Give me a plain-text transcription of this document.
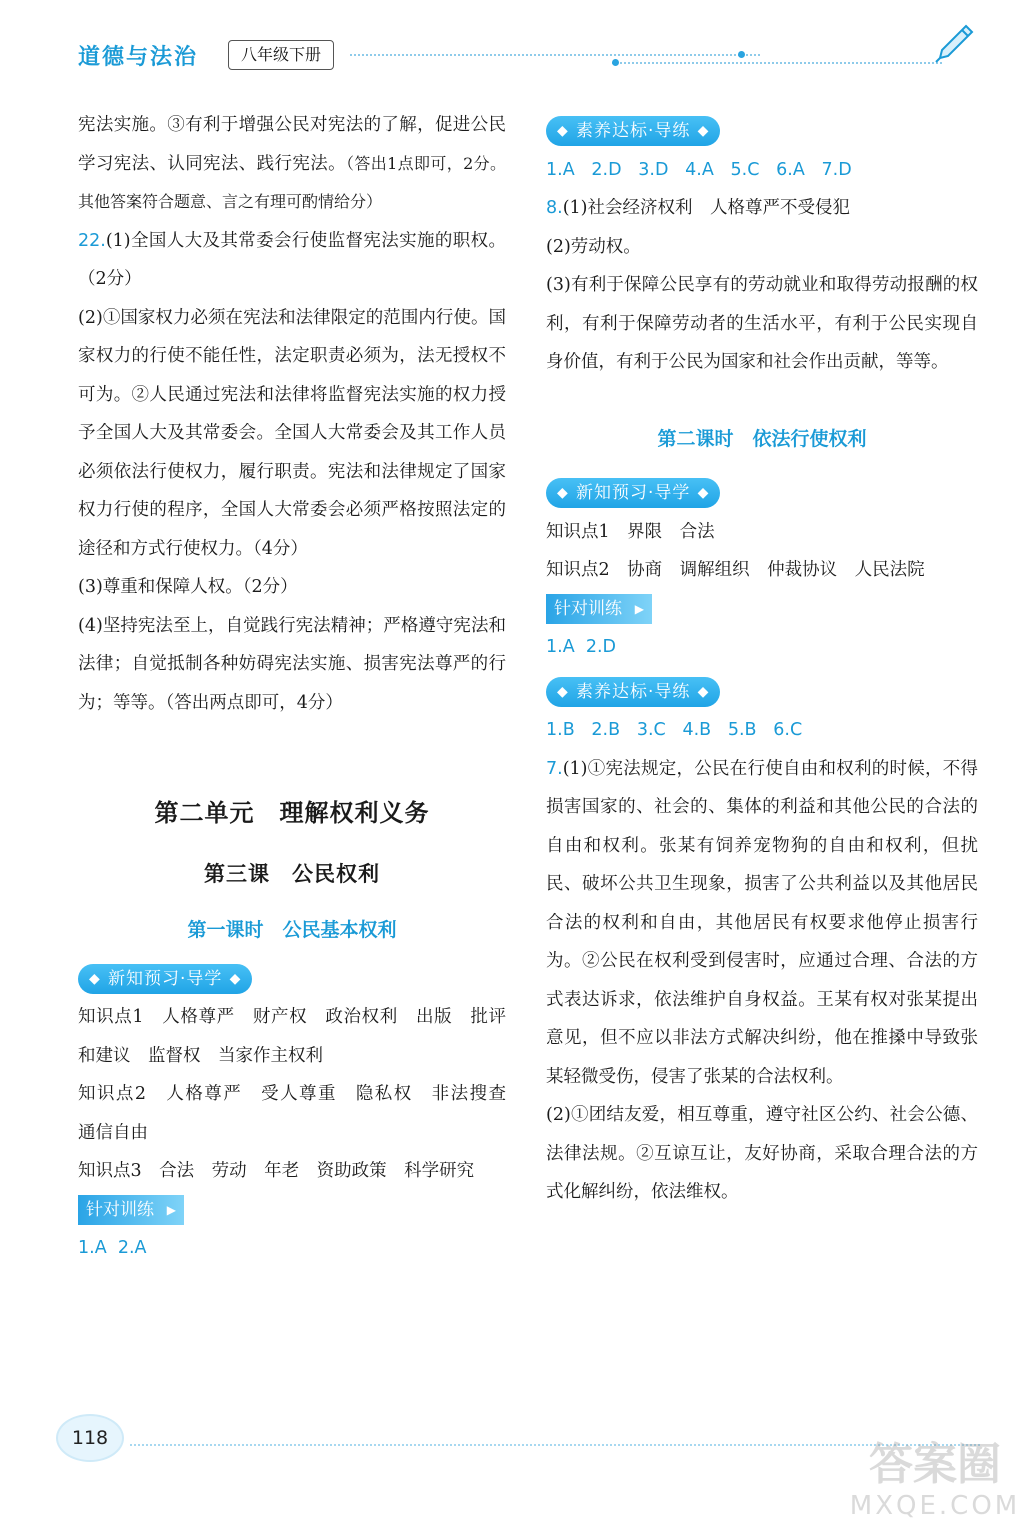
道德与法治	八年级下册

宪法实施。③有利于增强公民对宪法的了解，促进公民学习宪法、认同宪法、践行宪法。（答出1点即可，2分。其他答案符合题意、言之有理可酌情给分）

22.(1)全国人大及其常委会行使监督宪法实施的职权。（2分）

(2)①国家权力必须在宪法和法律限定的范围内行使。国家权力的行使不能任性，法定职责必须为，法无授权不可为。②人民通过宪法和法律将监督宪法实施的权力授予全国人大及其常委会。全国人大常委会及其工作人员必须依法行使权力，履行职责。宪法和法律规定了国家权力行使的程序，全国人大常委会必须严格按照法定的途径和方式行使权力。（4分）

(3)尊重和保障人权。（2分）

(4)坚持宪法至上，自觉践行宪法精神；严格遵守宪法和法律；自觉抵制各种妨碍宪法实施、损害宪法尊严的行为；等等。（答出两点即可，4分）

第二单元　理解权利义务

第三课　公民权利

第一课时　公民基本权利

◆ 新知预习·导学 ◆

知识点1　人格尊严　财产权　政治权利　出版　批评和建议　监督权　当家作主权利

知识点2　人格尊严　受人尊重　隐私权　非法搜查　通信自由

知识点3　合法　劳动　年老　资助政策　科学研究

针对训练 ▶

1.A 2.A

◆ 素养达标·导练 ◆

1.A 2.D 3.D 4.A 5.C 6.A 7.D

8.(1)社会经济权利　人格尊严不受侵犯

(2)劳动权。

(3)有利于保障公民享有的劳动就业和取得劳动报酬的权利，有利于保障劳动者的生活水平，有利于公民实现自身价值，有利于公民为国家和社会作出贡献，等等。

第二课时　依法行使权利

◆ 新知预习·导学 ◆

知识点1　界限　合法

知识点2　协商　调解组织　仲裁协议　人民法院

针对训练 ▶

1.A 2.D

◆ 素养达标·导练 ◆

1.B 2.B 3.C 4.B 5.B 6.C

7.(1)①宪法规定，公民在行使自由和权利的时候，不得损害国家的、社会的、集体的利益和其他公民的合法的自由和权利。张某有饲养宠物狗的自由和权利，但扰民、破坏公共卫生现象，损害了公共利益以及其他居民合法的权利和自由，其他居民有权要求他停止损害行为。②公民在权利受到侵害时，应通过合理、合法的方式表达诉求，依法维护自身权益。王某有权对张某提出意见，但不应以非法方式解决纠纷，他在推搡中导致张某轻微受伤，侵害了张某的合法权利。

(2)①团结友爱，相互尊重，遵守社区公约、社会公德、法律法规。②互谅互让，友好协商，采取合理合法的方式化解纠纷，依法维权。

118
答案圈
MXQE.COM
